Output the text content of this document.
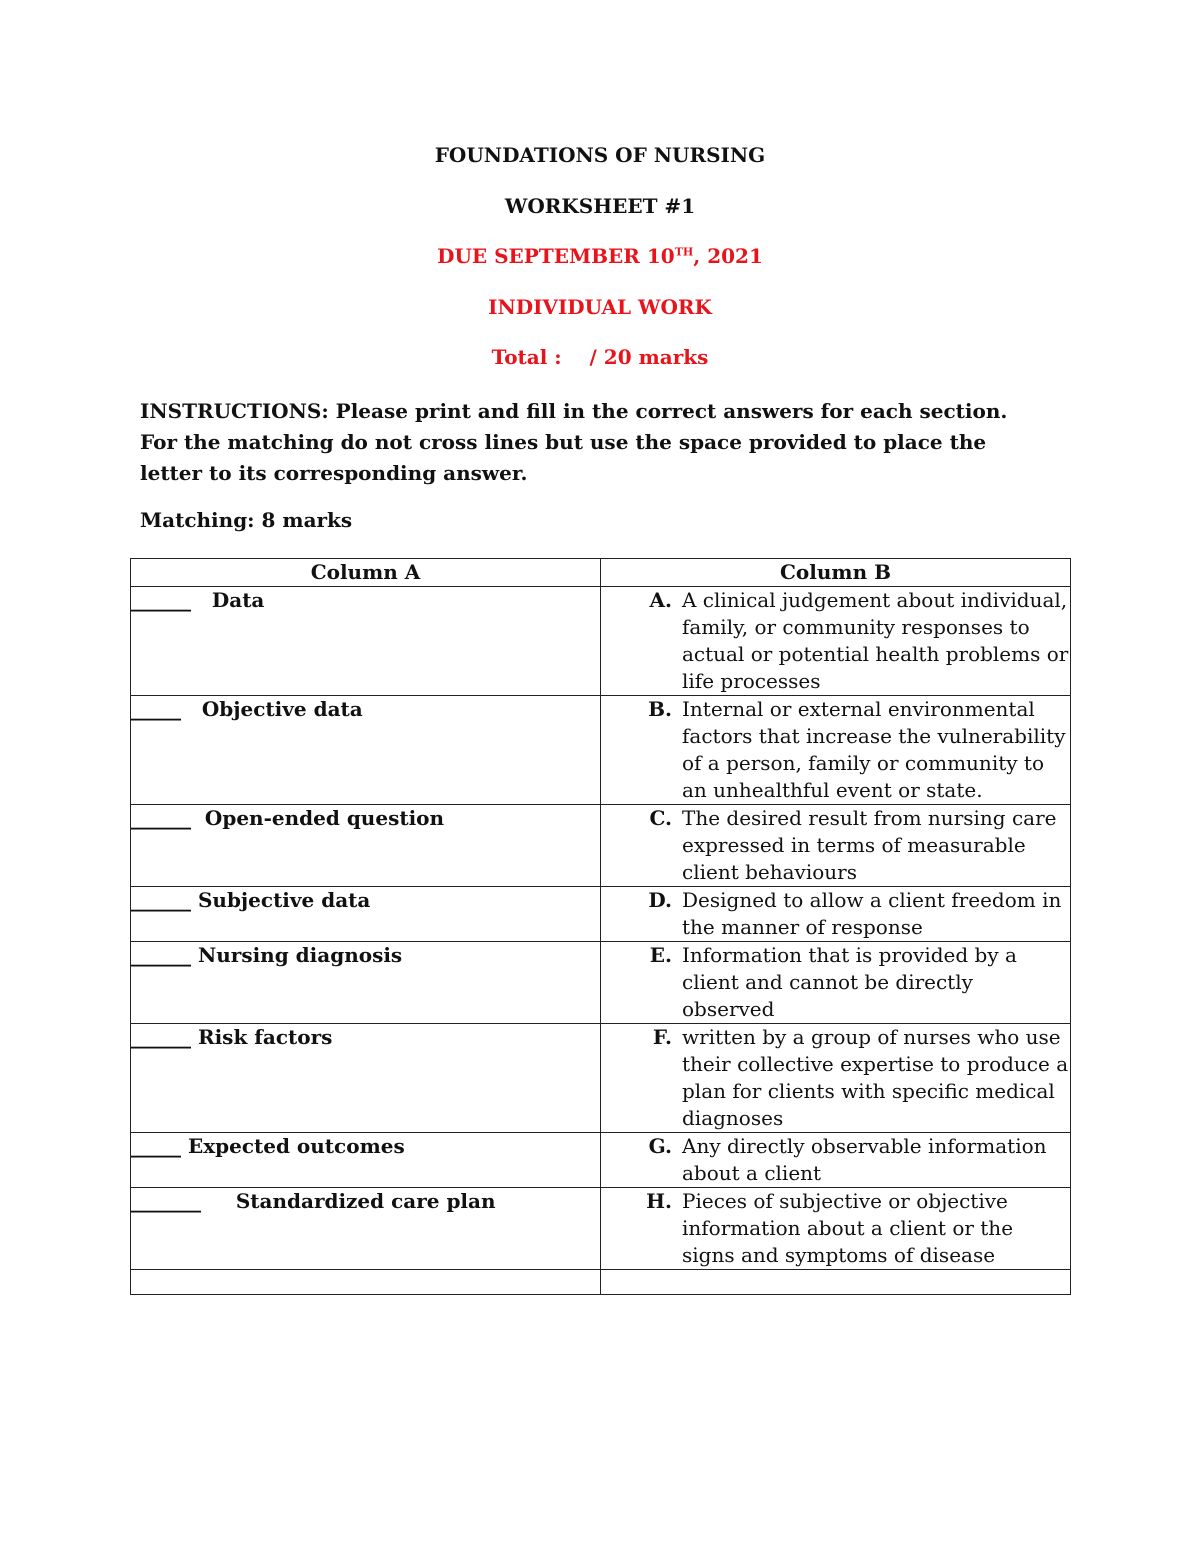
FOUNDATIONS OF NURSING
WORKSHEET #1
DUE SEPTEMBER 10TH, 2021
INDIVIDUAL WORK
Total :    / 20 marks
INSTRUCTIONS: Please print and fill in the correct answers for each section. For the matching do not cross lines but use the space provided to place the letter to its corresponding answer.
Matching: 8 marks
Column A	Column B

______   Data	A. A clinical judgement about individual, family, or community responses to actual or potential health problems or life processes

_____   Objective data	B. Internal or external environmental factors that increase the vulnerability of a person, family or community to an unhealthful event or state.

______  Open-ended question	C. The desired result from nursing care expressed in terms of measurable client behaviours

______ Subjective data	D. Designed to allow a client freedom in the manner of response

______ Nursing diagnosis	E. Information that is provided by a client and cannot be directly observed

______ Risk factors	F. written by a group of nurses who use their collective expertise to produce a plan for clients with specific medical diagnoses

_____ Expected outcomes	G. Any directly observable information about a client

_______     Standardized care plan	H. Pieces of subjective or objective information about a client or the signs and symptoms of disease
